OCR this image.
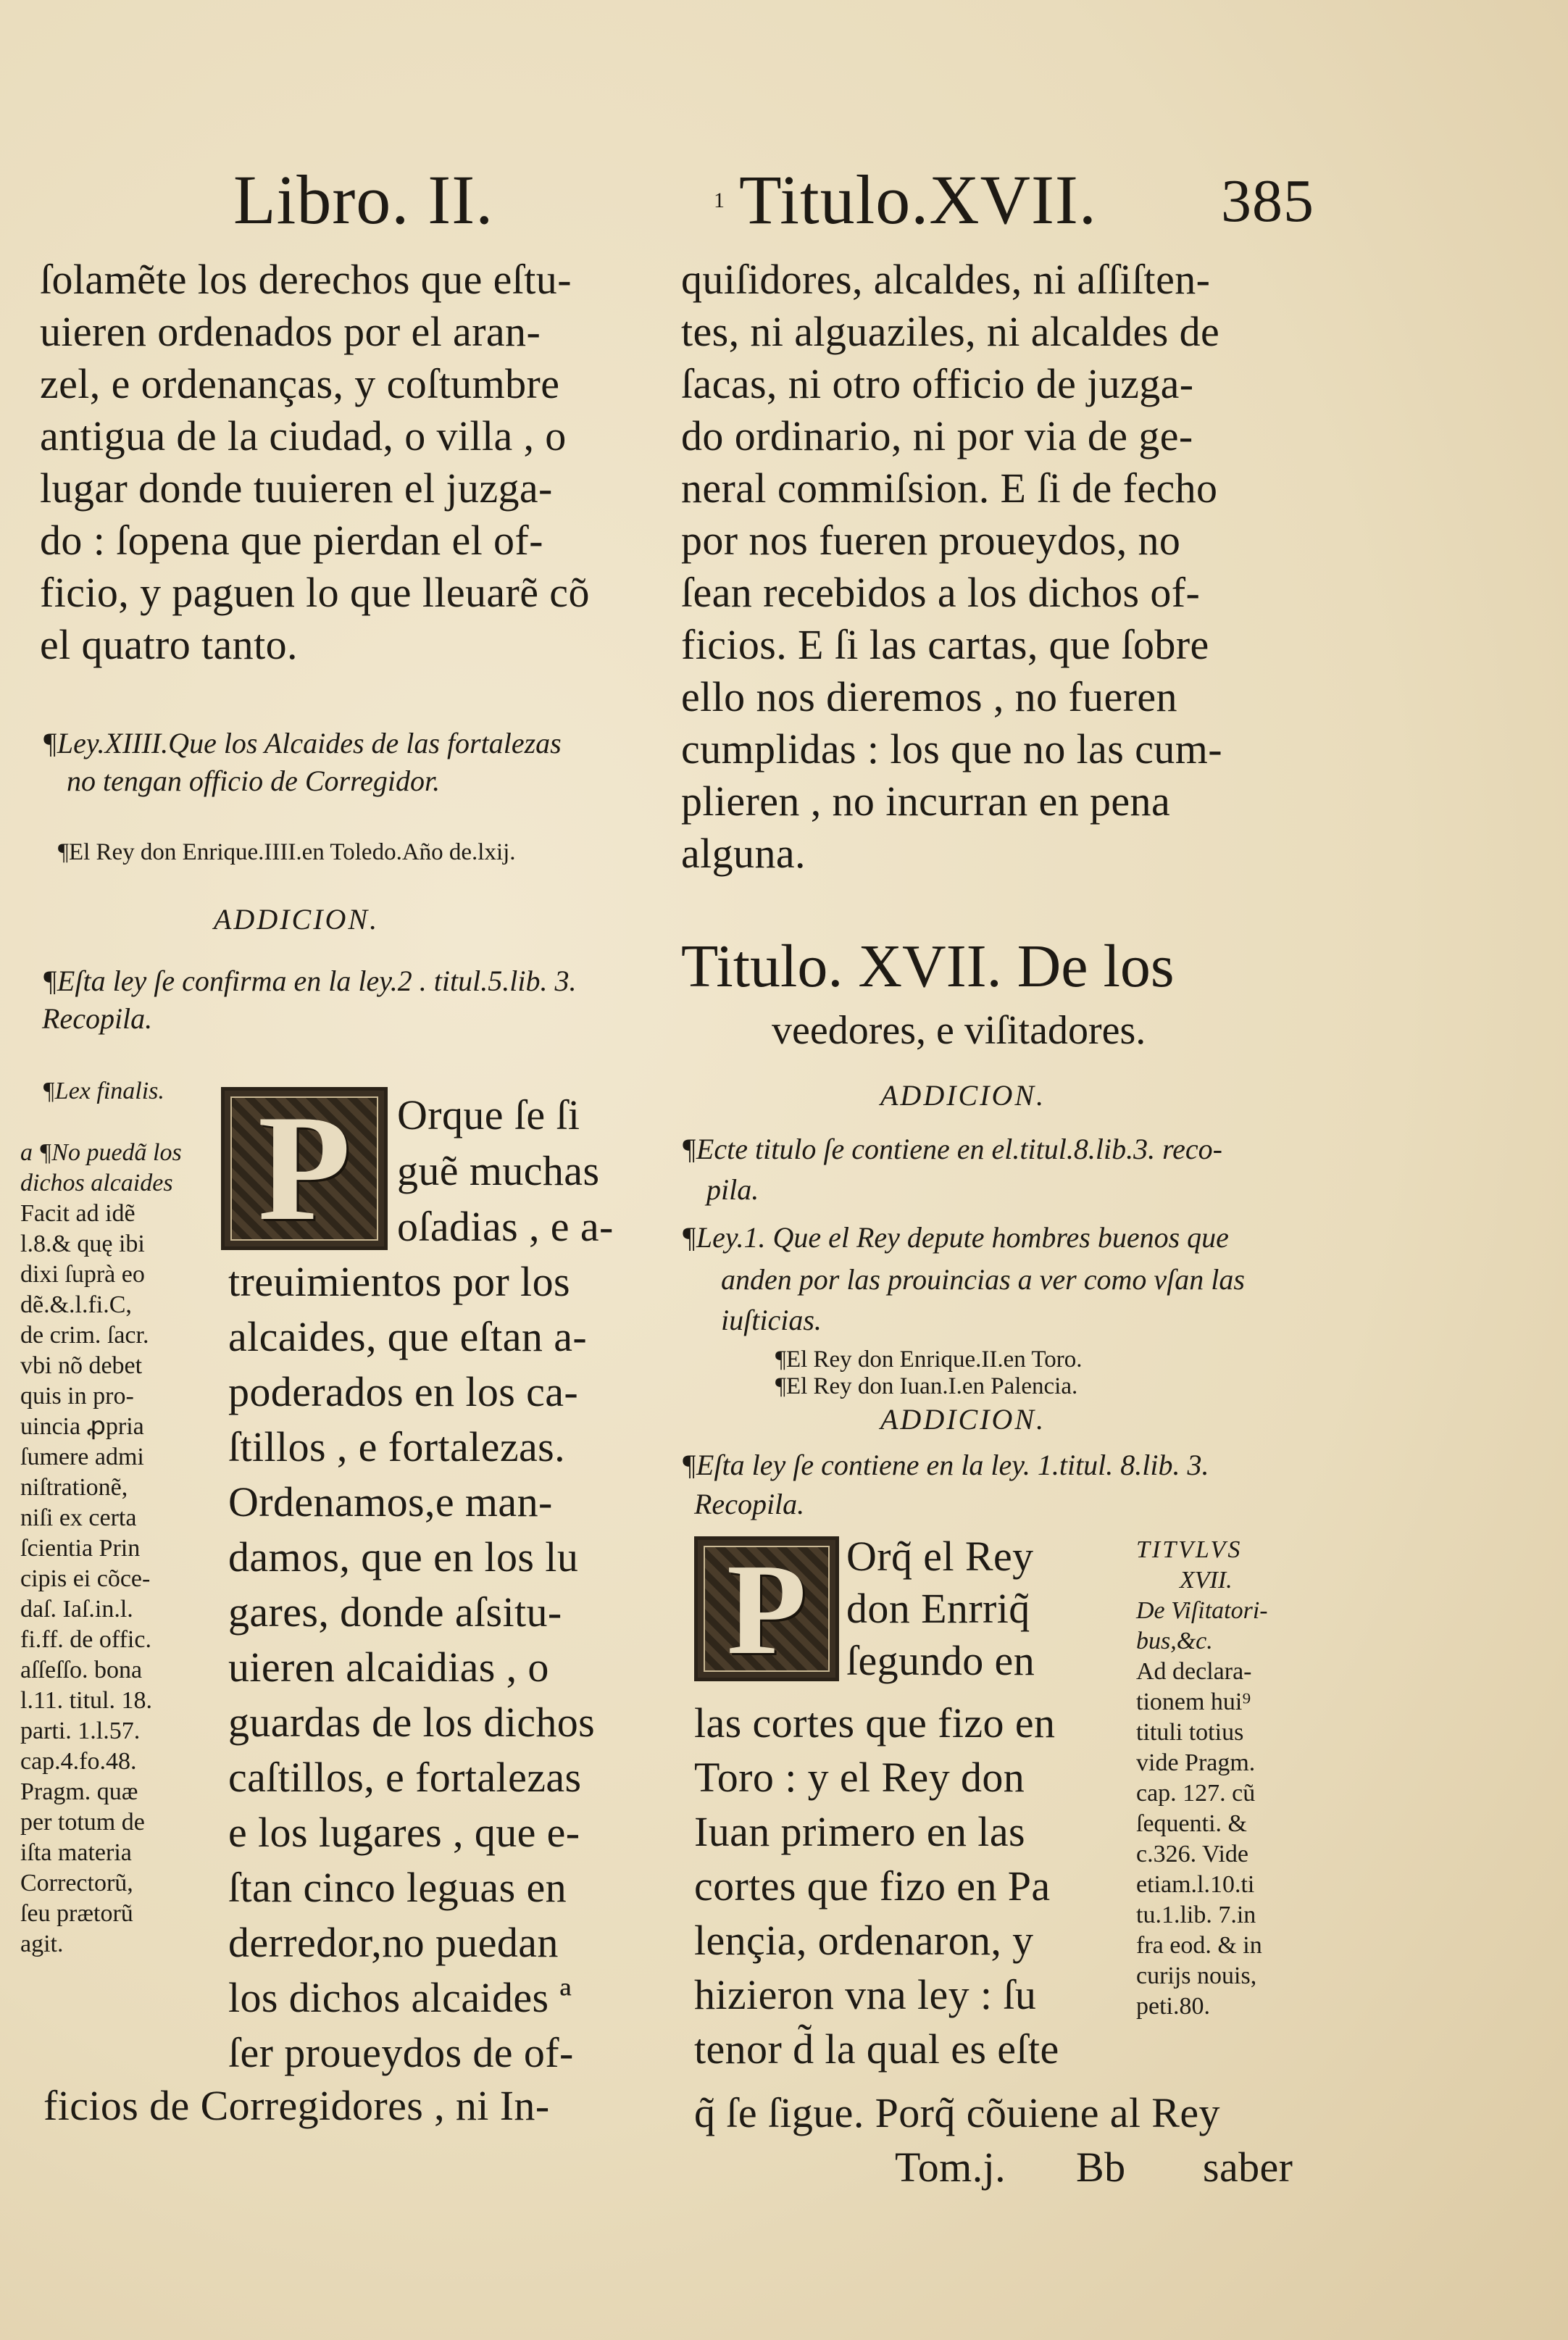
Libro. II.	1 Titulo.XVII. 385
ſolamẽte los derechos que eſtu-
uieren ordenados por el aran-
zel, e ordenanças, y coſtumbre
antigua de la ciudad, o villa , o
lugar donde tuuieren el juzga-
do : ſopena que pierdan el of-
ficio, y paguen lo que lleuarẽ cõ
el quatro tanto.
¶Ley.XIIII.Que los Alcaides de las fortalezas
no tengan officio de Corregidor.
¶El Rey don Enrique.IIII.en Toledo.Año de.lxij.
ADDICION.
¶Eſta ley ſe confirma en la ley.2 . titul.5.lib. 3.
Recopila.
¶Lex finalis. P	Orque ſe ſi
guẽ muchas
oſadias , e a-
treuimientos por los
alcaides, que eſtan a-
poderados en los ca-
ſtillos , e fortalezas.
Ordenamos,e man-
damos, que en los lu
gares, donde aſsitu-
uieren alcaidias , o
guardas de los dichos
caſtillos, e fortalezas
e los lugares , que e-
ſtan cinco leguas en
derredor,no puedan
los dichos alcaides ª
ſer proueydos de of-
ficios de Corregidores , ni In-
a ¶No puedã los
dichos alcaides
Facit ad idẽ
l.8.& quę ibi
dixi ſuprà eo
dẽ.&.l.fi.C,
de crim. ſacr.
vbi nõ debet
quis in pro-
uincia ꝓpria
ſumere admi
niſtrationẽ,
niſi ex certa
ſcientia Prin
cipis ei cõce-
daſ. Iaſ.in.l.
fi.ff. de offic.
aſſeſſo. bona
l.11. titul. 18.
parti. 1.l.57.
cap.4.fo.48.
Pragm. quæ
per totum de
iſta materia
Correctorũ,
ſeu prætorũ
agit.
quiſidores, alcaldes, ni aſſiſten-
tes, ni alguaziles, ni alcaldes de
ſacas, ni otro officio de juzga-
do ordinario, ni por via de ge-
neral commiſsion. E ſi de fecho
por nos fueren proueydos, no
ſean recebidos a los dichos of-
ficios. E ſi las cartas, que ſobre
ello nos dieremos , no fueren
cumplidas : los que no las cum-
plieren , no incurran en pena
alguna.
Titulo. XVII. De los
veedores, e viſitadores.
ADDICION.
¶Ecte titulo ſe contiene en el.titul.8.lib.3. reco-
pila.
¶Ley.1. Que el Rey depute hombres buenos que
anden por las prouincias a ver como vſan las
iuſticias.
¶El Rey don Enrique.II.en Toro.
¶El Rey don Iuan.I.en Palencia.
ADDICION.
¶Eſta ley ſe contiene en la ley. 1.titul. 8.lib. 3.
Recopila.
P Orq̃ el Rey
don Enrriq̃
ſegundo en
las cortes que fizo en
Toro : y el Rey don
Iuan primero en las
cortes que fizo en Pa
lençia, ordenaron, y
hizieron vna ley : ſu
tenor d̃ la qual es eſte
q̃ ſe ſigue. Porq̃ cõuiene al Rey
TITVLVS
XVII.
De Viſitatori-
bus,&c.
Ad declara-
tionem hui⁹
tituli totius
vide Pragm.
cap. 127. cũ
ſequenti. &
c.326. Vide
etiam.l.10.ti
tu.1.lib. 7.in
fra eod. & in
curijs nouis,
peti.80.
Tom.j. Bb saber
